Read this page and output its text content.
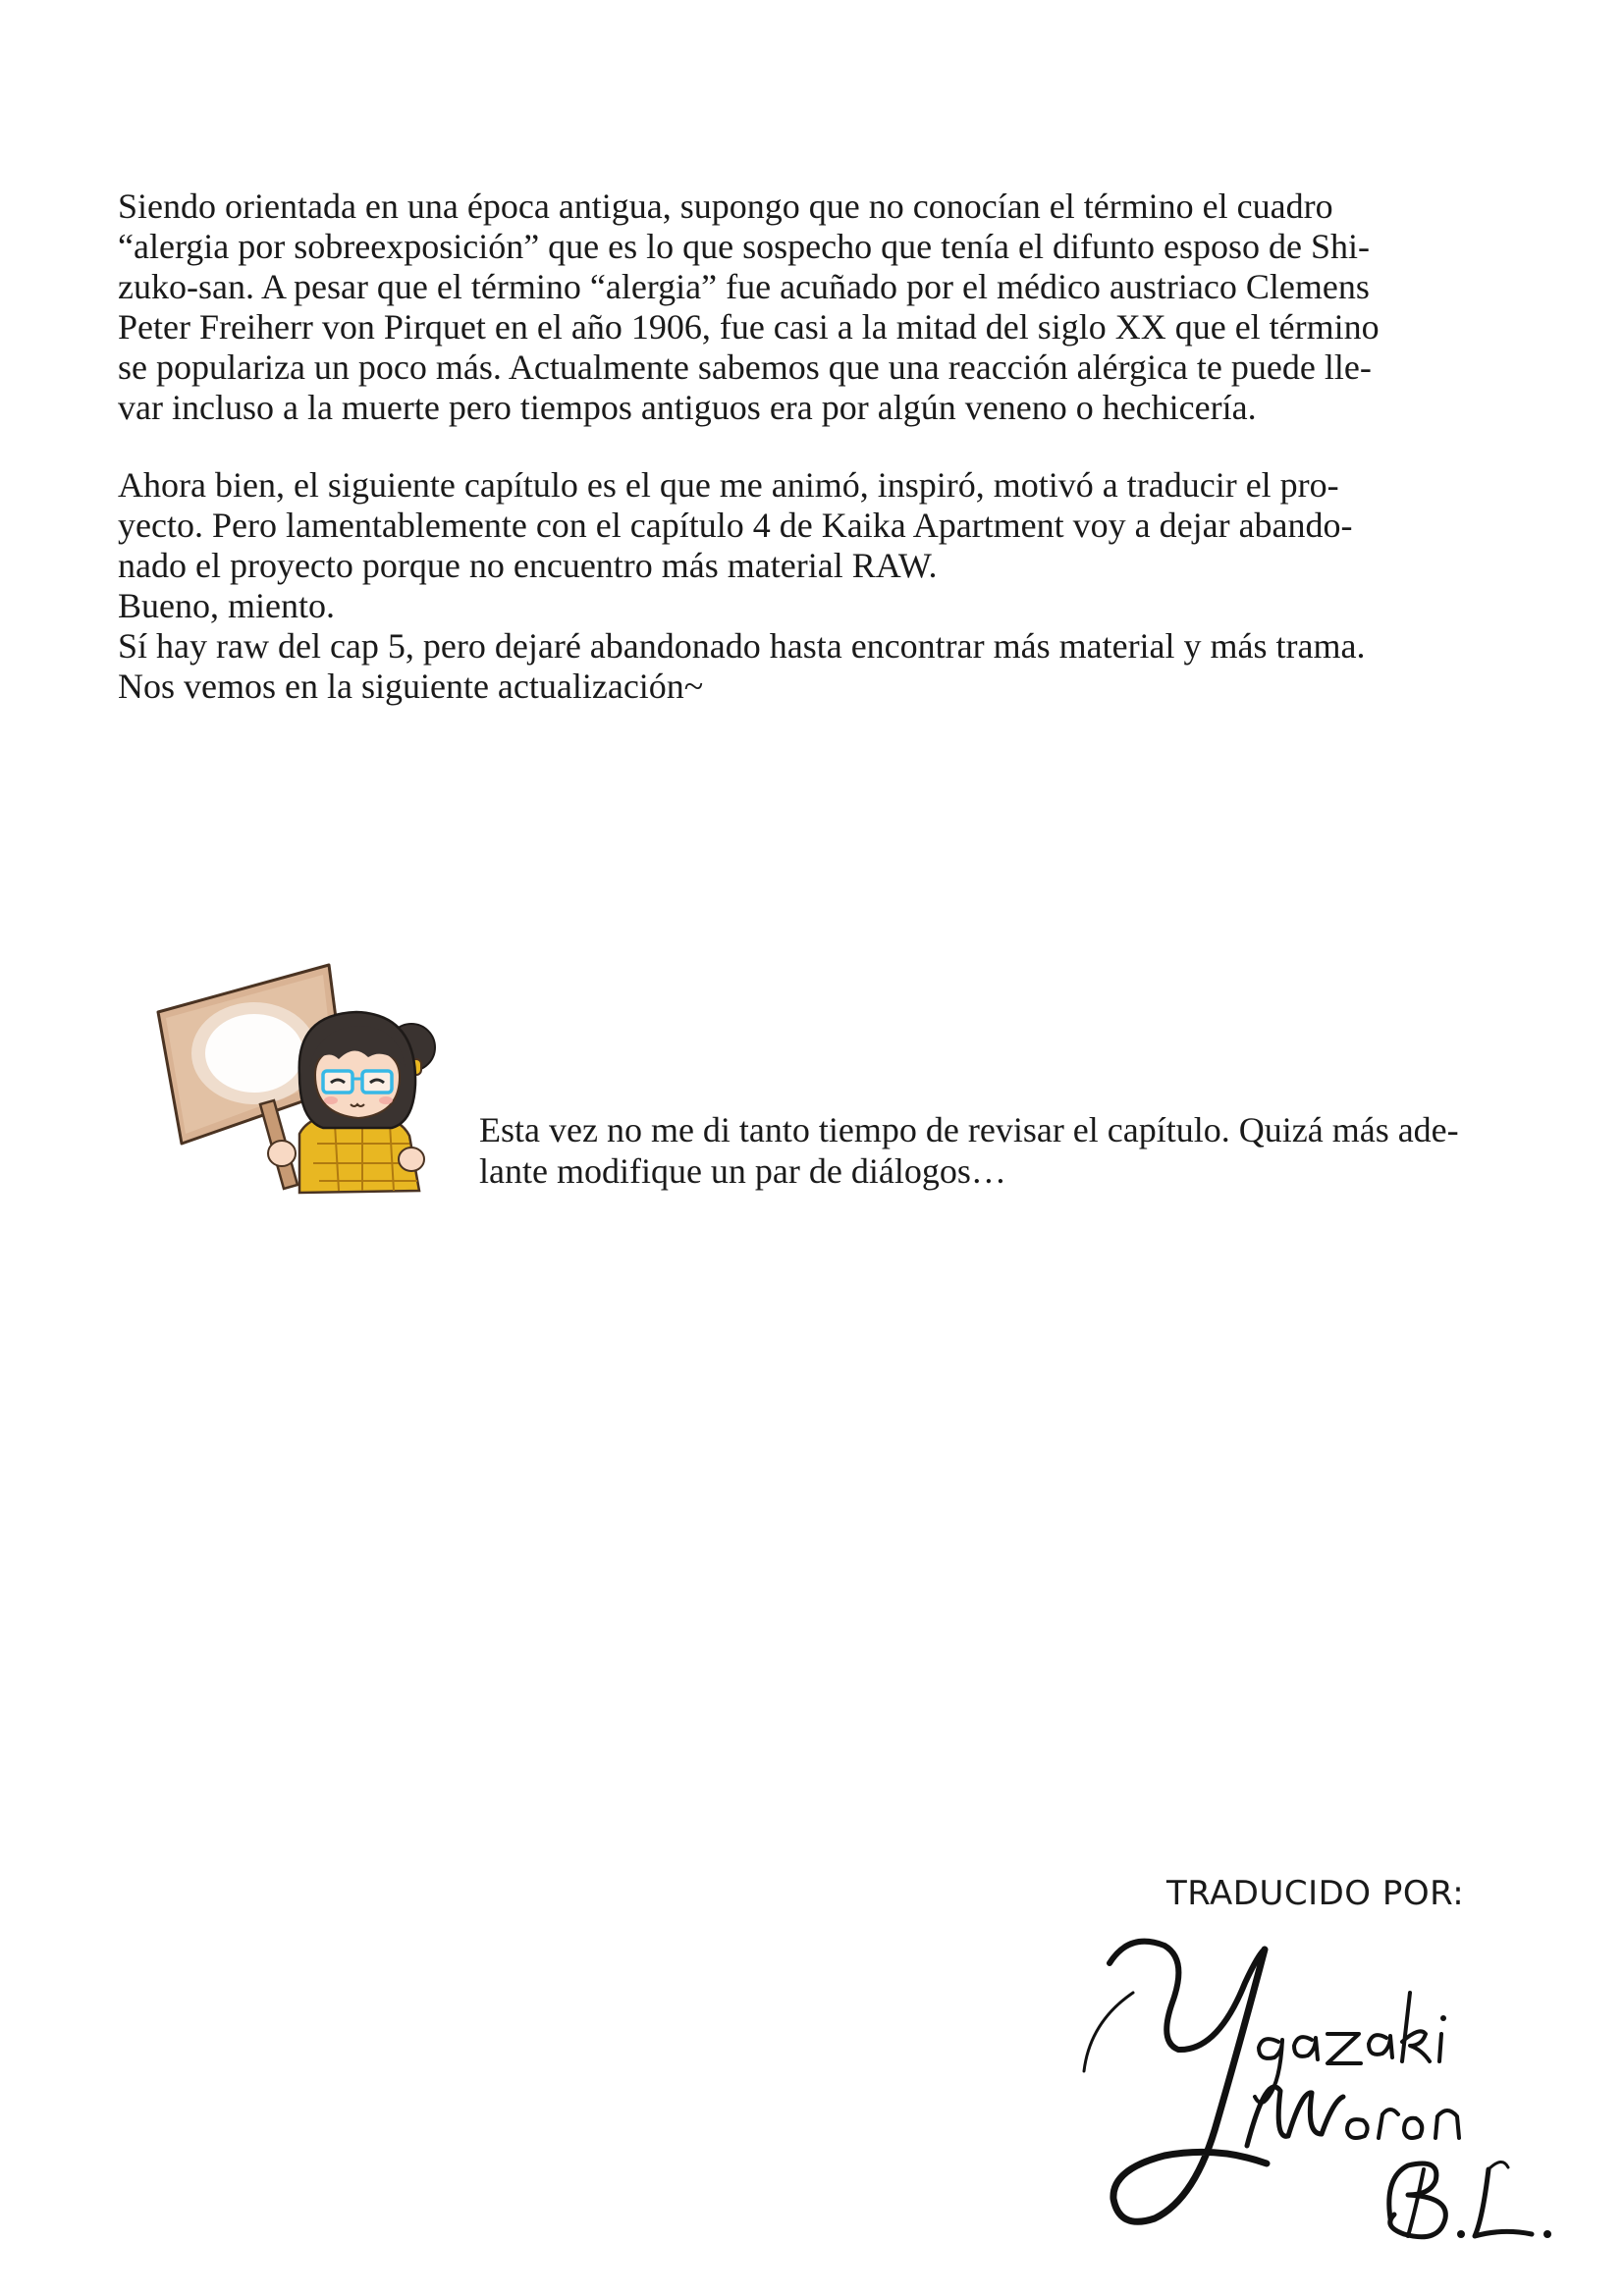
Siendo orientada en una época antigua, supongo que no conocían el término el cuadro
“alergia por sobreexposición” que es lo que sospecho que tenía el difunto esposo de Shi-
zuko-san. A pesar que el término “alergia” fue acuñado por el médico austriaco Clemens
Peter Freiherr von Pirquet en el año 1906, fue casi a la mitad del siglo XX que el término
se populariza un poco más. Actualmente sabemos que una reacción alérgica te puede lle-
var incluso a la muerte pero tiempos antiguos era por algún veneno o hechicería.

Ahora bien, el siguiente capítulo es el que me animó, inspiró, motivó a traducir el pro-
yecto. Pero lamentablemente con el capítulo 4 de Kaika Apartment voy a dejar abando-
nado el proyecto porque no encuentro más material RAW.
Bueno, miento.
Sí hay raw del cap 5, pero dejaré abandonado hasta encontrar más material y más trama.
Nos vemos en la siguiente actualización~

Esta vez no me di tanto tiempo de revisar el capítulo. Quizá más ade-
lante modifique un par de diálogos…

TRADUCIDO POR:
